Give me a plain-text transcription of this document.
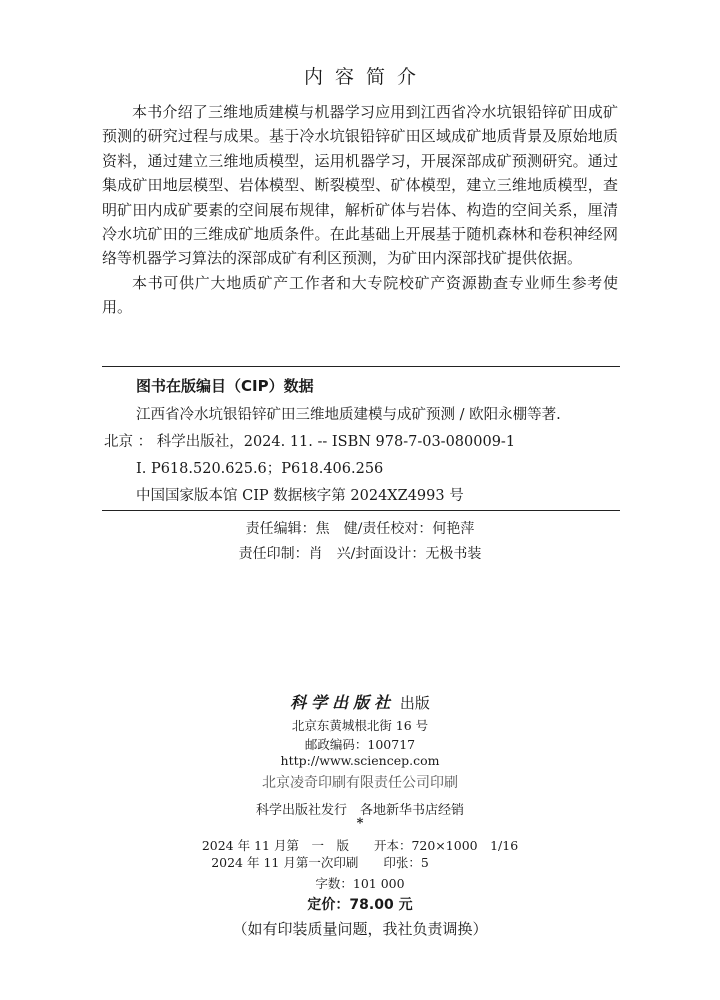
内容简介

本书介绍了三维地质建模与机器学习应用到江西省冷水坑银铅锌矿田成矿预测的研究过程与成果。基于冷水坑银铅锌矿田区域成矿地质背景及原始地质资料，通过建立三维地质模型，运用机器学习，开展深部成矿预测研究。通过集成矿田地层模型、岩体模型、断裂模型、矿体模型，建立三维地质模型，查明矿田内成矿要素的空间展布规律，解析矿体与岩体、构造的空间关系，厘清冷水坑矿田的三维成矿地质条件。在此基础上开展基于随机森林和卷积神经网络等机器学习算法的深部成矿有利区预测，为矿田内深部找矿提供依据。

本书可供广大地质矿产工作者和大专院校矿产资源勘查专业师生参考使用。

图书在版编目（CIP）数据
江西省冷水坑银铅锌矿田三维地质建模与成矿预测 / 欧阳永棚等著.
北京 ： 科学出版社，2024. 11. -- ISBN 978-7-03-080009-1
Ⅰ. P618.520.625.6；P618.406.256
中国国家版本馆 CIP 数据核字第 2024XZ4993 号
责任编辑：焦　健/责任校对：何艳萍
责任印制：肖　兴/封面设计：无极书装
科学出版社 出版
北京东黄城根北街 16 号
邮政编码：100717
http://www.sciencep.com
北京凌奇印刷有限责任公司印刷
科学出版社发行　各地新华书店经销
*
2024 年 11 月第　一　版　　开本：720×1000　1/16
2024 年 11 月第一次印刷　　印张：5
字数：101 000
定价：78.00 元
（如有印装质量问题，我社负责调换）
